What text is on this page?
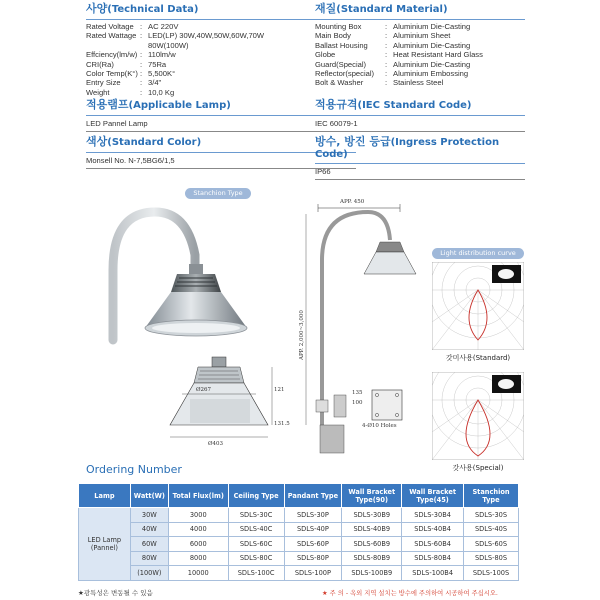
사양(Technical Data)
Rated Voltage : AC 220V
Rated Wattage : LED(LP) 30W,40W,50W,60W,70W
80W(100W)
Effciency(lm/w) : 110lm/w
CRI(Ra)	: 75Ra
Color Temp(K°) : 5,500K°
Entry Size	: 3/4"
Weight	: 10,0 Kg
재질(Standard Material)
Mounting Box	: Aluminium Die-Casting
Main Body	: Aluminium Sheet
Ballast Housing	: Aluminium Die-Casting
Globe	: Heat Resistant Hard Glass
Guard(Special)	: Aluminium Die-Casting
Reflector(special)	: Aluminium Embossing
Bolt & Washer	: Stainless Steel
적용램프(Applicable Lamp)
LED Pannel Lamp
적용규격(IEC Standard Code)
IEC 60079-1
색상(Standard Color)
Monsell No. N-7,5BG6/1,5
방수, 방진 등급(Ingress Protection Code)
IP66
Stanchion Type
Ø267
Ø403
121
131.5
APP. 450
APP. 2,000~3,000
135
100
4-Ø10 Holes
Light distribution curve
갓미사용(Standard)
갓사용(Special)
Ordering Number
Lamp	Watt(W)	Total Flux(lm)	Ceiling Type	Pandant Type	Wall Bracket Type(90)	Wall Bracket Type(45)	Stanchion Type
LED Lamp (Pannel)	30W	3000	SDLS-30C	SDLS-30P	SDLS-30B9	SDLS-30B4	SDLS-30S
	40W	4000	SDLS-40C	SDLS-40P	SDLS-40B9	SDLS-40B4	SDLS-40S
	60W	6000	SDLS-60C	SDLS-60P	SDLS-60B9	SDLS-60B4	SDLS-60S
	80W	8000	SDLS-80C	SDLS-80P	SDLS-80B9	SDLS-80B4	SDLS-80S
	(100W)	10000	SDLS-100C	SDLS-100P	SDLS-100B9	SDLS-100B4	SDLS-100S
★광특성은 변동될 수 있음	★ 주 의 - 옥외 지역 설치는 방수에 주의하여 시공하여 주십시오.
